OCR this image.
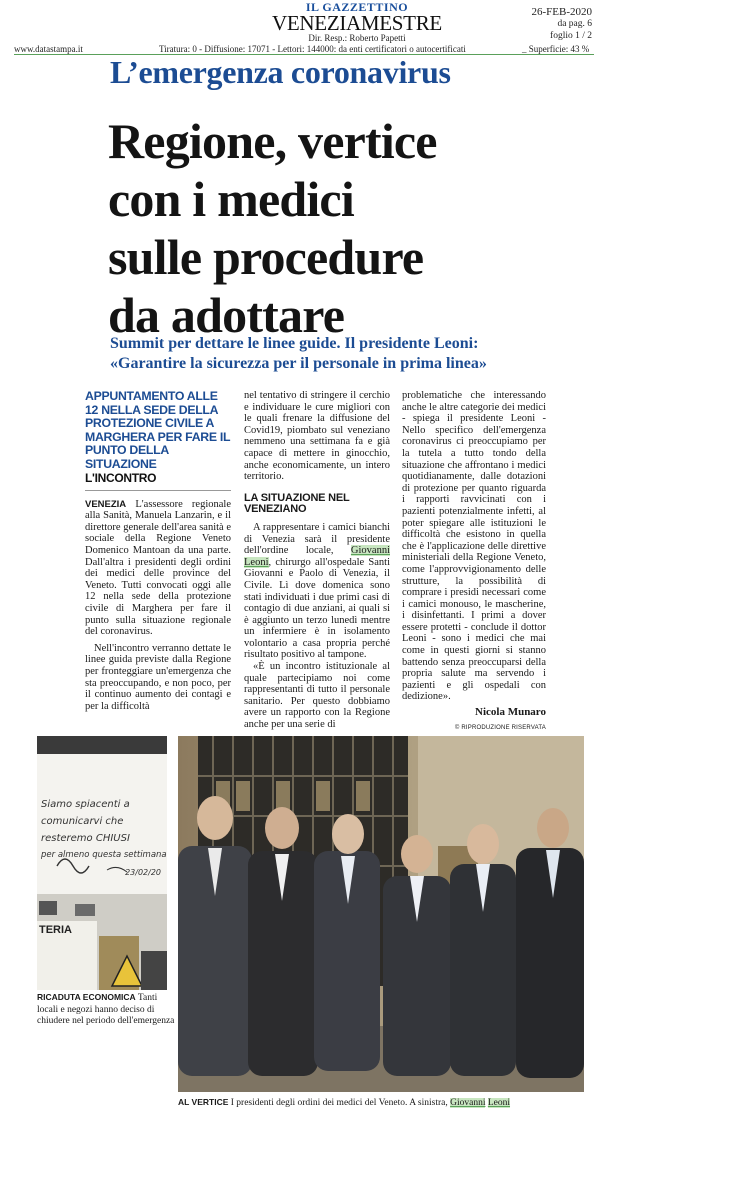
IL GAZZETTINO
VENEZIAMESTRE
Dir. Resp.: Roberto Papetti
26-FEB-2020
da pag. 6
foglio 1 / 2
www.datastampa.it	Tiratura: 0 - Diffusione: 17071 - Lettori: 144000: da enti certificatori o autocertificati	_ Superficie: 43 %
L’emergenza coronavirus
Regione, vertice
con i medici
sulle procedure
da adottare
Summit per dettare le linee guide. Il presidente Leoni:
«Garantire la sicurezza per il personale in prima linea»
APPUNTAMENTO ALLE 12 NELLA SEDE DELLA PROTEZIONE CIVILE A MARGHERA PER FARE IL PUNTO DELLA SITUAZIONE
L'INCONTRO

VENEZIA L'assessore regionale alla Sanità, Manuela Lanzarin, e il direttore generale dell'area sanità e sociale della Regione Veneto Domenico Mantoan da una parte. Dall'altra i presidenti degli ordini dei medici delle province del Veneto. Tutti convocati oggi alle 12 nella sede della protezione civile di Marghera per fare il punto sulla situazione regionale del coronavirus.

Nell'incontro verranno dettate le linee guida previste dalla Regione per fronteggiare un'emergenza che sta preoccupando, e non poco, per il continuo aumento dei contagi e per la difficoltà

nel tentativo di stringere il cerchio e individuare le cure migliori con le quali frenare la diffusione del Covid19, piombato sul veneziano nemmeno una settimana fa e già capace di mettere in ginocchio, anche economicamente, un intero territorio.

LA SITUAZIONE NEL VENEZIANO

A rappresentare i camici bianchi di Venezia sarà il presidente dell'ordine locale, Giovanni Leoni, chirurgo all'ospedale Santi Giovanni e Paolo di Venezia, il Civile. Lì dove domenica sono stati individuati i due primi casi di contagio di due anziani, ai quali si è aggiunto un terzo lunedì mentre un infermiere è in isolamento volontario a casa propria perché risultato positivo al tampone.

«È un incontro istituzionale al quale partecipiamo noi come rappresentanti di tutto il personale sanitario. Per questo dobbiamo avere un rapporto con la Regione anche per una serie di

problematiche che interessando anche le altre categorie dei medici - spiega il presidente Leoni - Nello specifico dell'emergenza coronavirus ci preoccupiamo per la tutela a tutto tondo della situazione che affrontano i medici quotidianamente, dalle dotazioni di protezione per quanto riguarda i rapporti ravvicinati con i pazienti potenzialmente infetti, al poter spiegare alle istituzioni le difficoltà che esistono in quella che è l'applicazione delle direttive ministeriali della Regione Veneto, come l'approvvigionamento delle strutture, la possibilità di comprare i presidi necessari come i camici monouso, le mascherine, i disinfettanti. I primi a dover essere protetti - conclude il dottor Leoni - sono i medici che mai come in questi giorni si stanno battendo senza preoccuparsi della propria salute ma servendo i pazienti e gli ospedali con dedizione».

Nicola Munaro
© RIPRODUZIONE RISERVATA
Siamo spiacenti a
comunicarvi che
resteremo CHIUSI
per almeno questa settimana
23/02/20
TERIA
RICADUTA ECONOMICA Tanti locali e negozi hanno deciso di chiudere nel periodo dell'emergenza
AL VERTICE I presidenti degli ordini dei medici del Veneto. A sinistra, Giovanni Leoni
